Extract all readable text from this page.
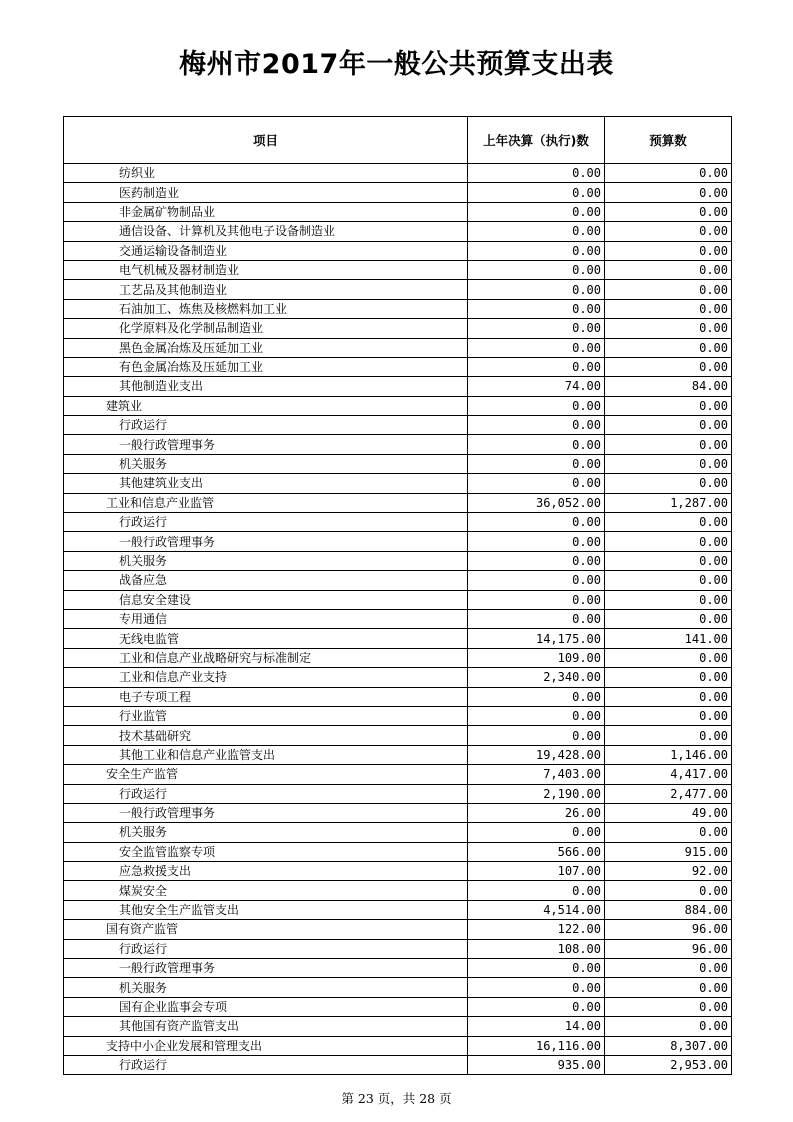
梅州市2017年一般公共预算支出表
项目	上年决算（执行)数	预算数
纺织业	0.00	0.00
医药制造业	0.00	0.00
非金属矿物制品业	0.00	0.00
通信设备、计算机及其他电子设备制造业	0.00	0.00
交通运输设备制造业	0.00	0.00
电气机械及器材制造业	0.00	0.00
工艺品及其他制造业	0.00	0.00
石油加工、炼焦及核燃料加工业	0.00	0.00
化学原料及化学制品制造业	0.00	0.00
黑色金属冶炼及压延加工业	0.00	0.00
有色金属冶炼及压延加工业	0.00	0.00
其他制造业支出	74.00	84.00
建筑业	0.00	0.00
行政运行	0.00	0.00
一般行政管理事务	0.00	0.00
机关服务	0.00	0.00
其他建筑业支出	0.00	0.00
工业和信息产业监管	36,052.00	1,287.00
行政运行	0.00	0.00
一般行政管理事务	0.00	0.00
机关服务	0.00	0.00
战备应急	0.00	0.00
信息安全建设	0.00	0.00
专用通信	0.00	0.00
无线电监管	14,175.00	141.00
工业和信息产业战略研究与标准制定	109.00	0.00
工业和信息产业支持	2,340.00	0.00
电子专项工程	0.00	0.00
行业监管	0.00	0.00
技术基础研究	0.00	0.00
其他工业和信息产业监管支出	19,428.00	1,146.00
安全生产监管	7,403.00	4,417.00
行政运行	2,190.00	2,477.00
一般行政管理事务	26.00	49.00
机关服务	0.00	0.00
安全监管监察专项	566.00	915.00
应急救援支出	107.00	92.00
煤炭安全	0.00	0.00
其他安全生产监管支出	4,514.00	884.00
国有资产监管	122.00	96.00
行政运行	108.00	96.00
一般行政管理事务	0.00	0.00
机关服务	0.00	0.00
国有企业监事会专项	0.00	0.00
其他国有资产监管支出	14.00	0.00
支持中小企业发展和管理支出	16,116.00	8,307.00
行政运行	935.00	2,953.00
第 23 页，共 28 页
